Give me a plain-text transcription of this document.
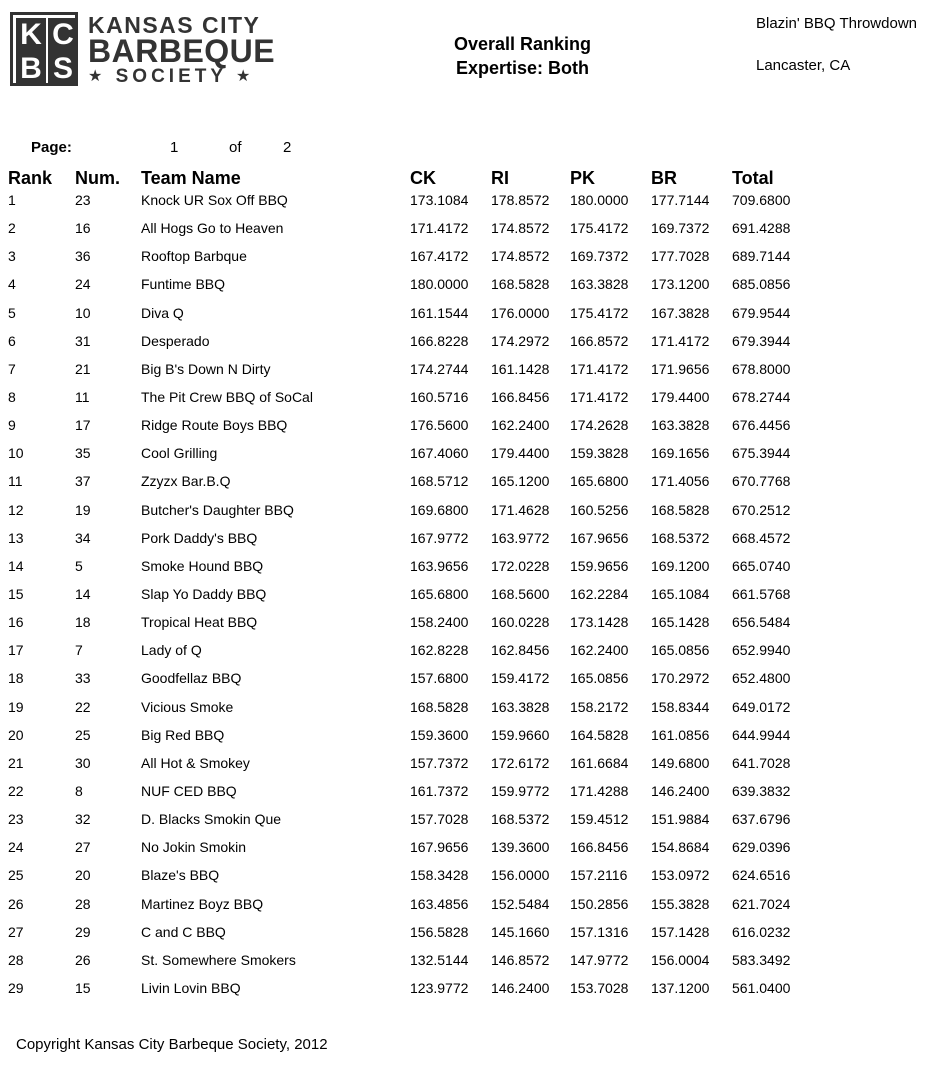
K C
B S
KANSAS CITY
BARBEQUE
★ SOCIETY ★
Overall Ranking
Expertise: Both
Blazin' BBQ Throwdown
Lancaster, CA
Page:	1	of	2
Rank Num. Team Name	CK	RI	PK	BR	Total
1	23	Knock UR Sox Off BBQ	173.1084 178.8572 180.0000 177.7144 709.6800
2	16	All Hogs Go to Heaven	171.4172 174.8572 175.4172 169.7372 691.4288
3	36	Rooftop Barbque	167.4172 174.8572 169.7372 177.7028 689.7144
4	24	Funtime BBQ	180.0000 168.5828 163.3828 173.1200 685.0856
5	10	Diva Q	161.1544 176.0000 175.4172 167.3828 679.9544
6	31	Desperado	166.8228 174.2972 166.8572 171.4172 679.3944
7	21	Big B's Down N Dirty	174.2744 161.1428 171.4172 171.9656 678.8000
8	11	The Pit Crew BBQ of SoCal	160.5716 166.8456 171.4172 179.4400 678.2744
9	17	Ridge Route Boys BBQ	176.5600 162.2400 174.2628 163.3828 676.4456
10	35	Cool Grilling	167.4060 179.4400 159.3828 169.1656 675.3944
11	37	Zzyzx Bar.B.Q	168.5712 165.1200 165.6800 171.4056 670.7768
12	19	Butcher's Daughter BBQ	169.6800 171.4628 160.5256 168.5828 670.2512
13	34	Pork Daddy's BBQ	167.9772 163.9772 167.9656 168.5372 668.4572
14	5	Smoke Hound BBQ	163.9656 172.0228 159.9656 169.1200 665.0740
15	14	Slap Yo Daddy BBQ	165.6800 168.5600 162.2284 165.1084 661.5768
16	18	Tropical Heat BBQ	158.2400 160.0228 173.1428 165.1428 656.5484
17	7	Lady of Q	162.8228 162.8456 162.2400 165.0856 652.9940
18	33	Goodfellaz BBQ	157.6800 159.4172 165.0856 170.2972 652.4800
19	22	Vicious Smoke	168.5828 163.3828 158.2172 158.8344 649.0172
20	25	Big Red BBQ	159.3600 159.9660 164.5828 161.0856 644.9944
21	30	All Hot & Smokey	157.7372 172.6172 161.6684 149.6800 641.7028
22	8	NUF CED BBQ	161.7372 159.9772 171.4288 146.2400 639.3832
23	32	D. Blacks Smokin Que	157.7028 168.5372 159.4512 151.9884 637.6796
24	27	No Jokin Smokin	167.9656 139.3600 166.8456 154.8684 629.0396
25	20	Blaze's BBQ	158.3428 156.0000 157.2116 153.0972 624.6516
26	28	Martinez Boyz BBQ	163.4856 152.5484 150.2856 155.3828 621.7024
27	29	C and C BBQ	156.5828 145.1660 157.1316 157.1428 616.0232
28	26	St. Somewhere Smokers	132.5144 146.8572 147.9772 156.0004 583.3492
29	15	Livin Lovin BBQ	123.9772 146.2400 153.7028 137.1200 561.0400
Copyright Kansas City Barbeque Society, 2012
